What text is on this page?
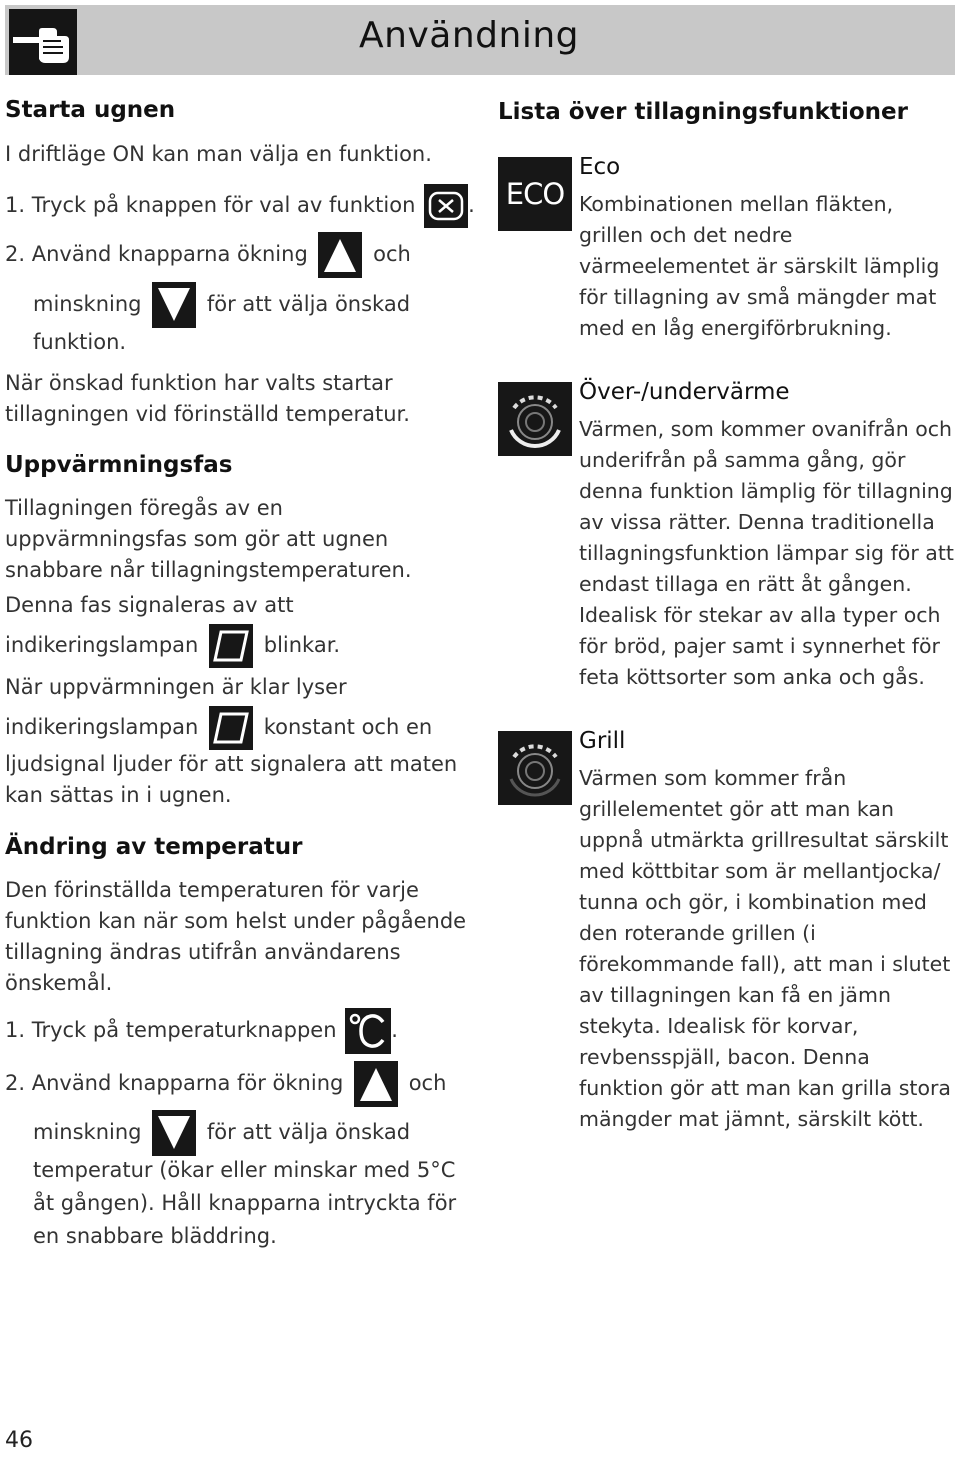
Användning
Starta ugnen
I driftläge ON kan man välja en funktion.
1. Tryck på knappen för val av funktion	.
2. Använd knapparna ökning	och
minskning	för att välja önskad
funktion.
När önskad funktion har valts startar
tillagningen vid förinställd temperatur.
Uppvärmningsfas
Tillagningen föregås av en
uppvärmningsfas som gör att ugnen
snabbare når tillagningstemperaturen.
Denna fas signaleras av att
indikeringslampan	blinkar.
När uppvärmningen är klar lyser
indikeringslampan	konstant och en
ljudsignal ljuder för att signalera att maten
kan sättas in i ugnen.
Ändring av temperatur
Den förinställda temperaturen för varje
funktion kan när som helst under pågående
tillagning ändras utifrån användarens
önskemål.
1. Tryck på temperaturknappen	.
2. Använd knapparna för ökning	och
minskning	för att välja önskad
temperatur (ökar eller minskar med 5°C
åt gången). Håll knapparna intryckta för
en snabbare bläddring.
Lista över tillagningsfunktioner
ECO
Eco
Kombinationen mellan fläkten,
grillen och det nedre
värmeelementet är särskilt lämplig
för tillagning av små mängder mat
med en låg energiförbrukning.
Över-/undervärme
Värmen, som kommer ovanifrån och
underifrån på samma gång, gör
denna funktion lämplig för tillagning
av vissa rätter. Denna traditionella
tillagningsfunktion lämpar sig för att
endast tillaga en rätt åt gången.
Idealisk för stekar av alla typer och
för bröd, pajer samt i synnerhet för
feta köttsorter som anka och gås.
Grill
Värmen som kommer från
grillelementet gör att man kan
uppnå utmärkta grillresultat särskilt
med köttbitar som är mellantjocka/
tunna och gör, i kombination med
den roterande grillen (i
förekommande fall), att man i slutet
av tillagningen kan få en jämn
stekyta. Idealisk för korvar,
revbensspjäll, bacon. Denna
funktion gör att man kan grilla stora
mängder mat jämnt, särskilt kött.
46
